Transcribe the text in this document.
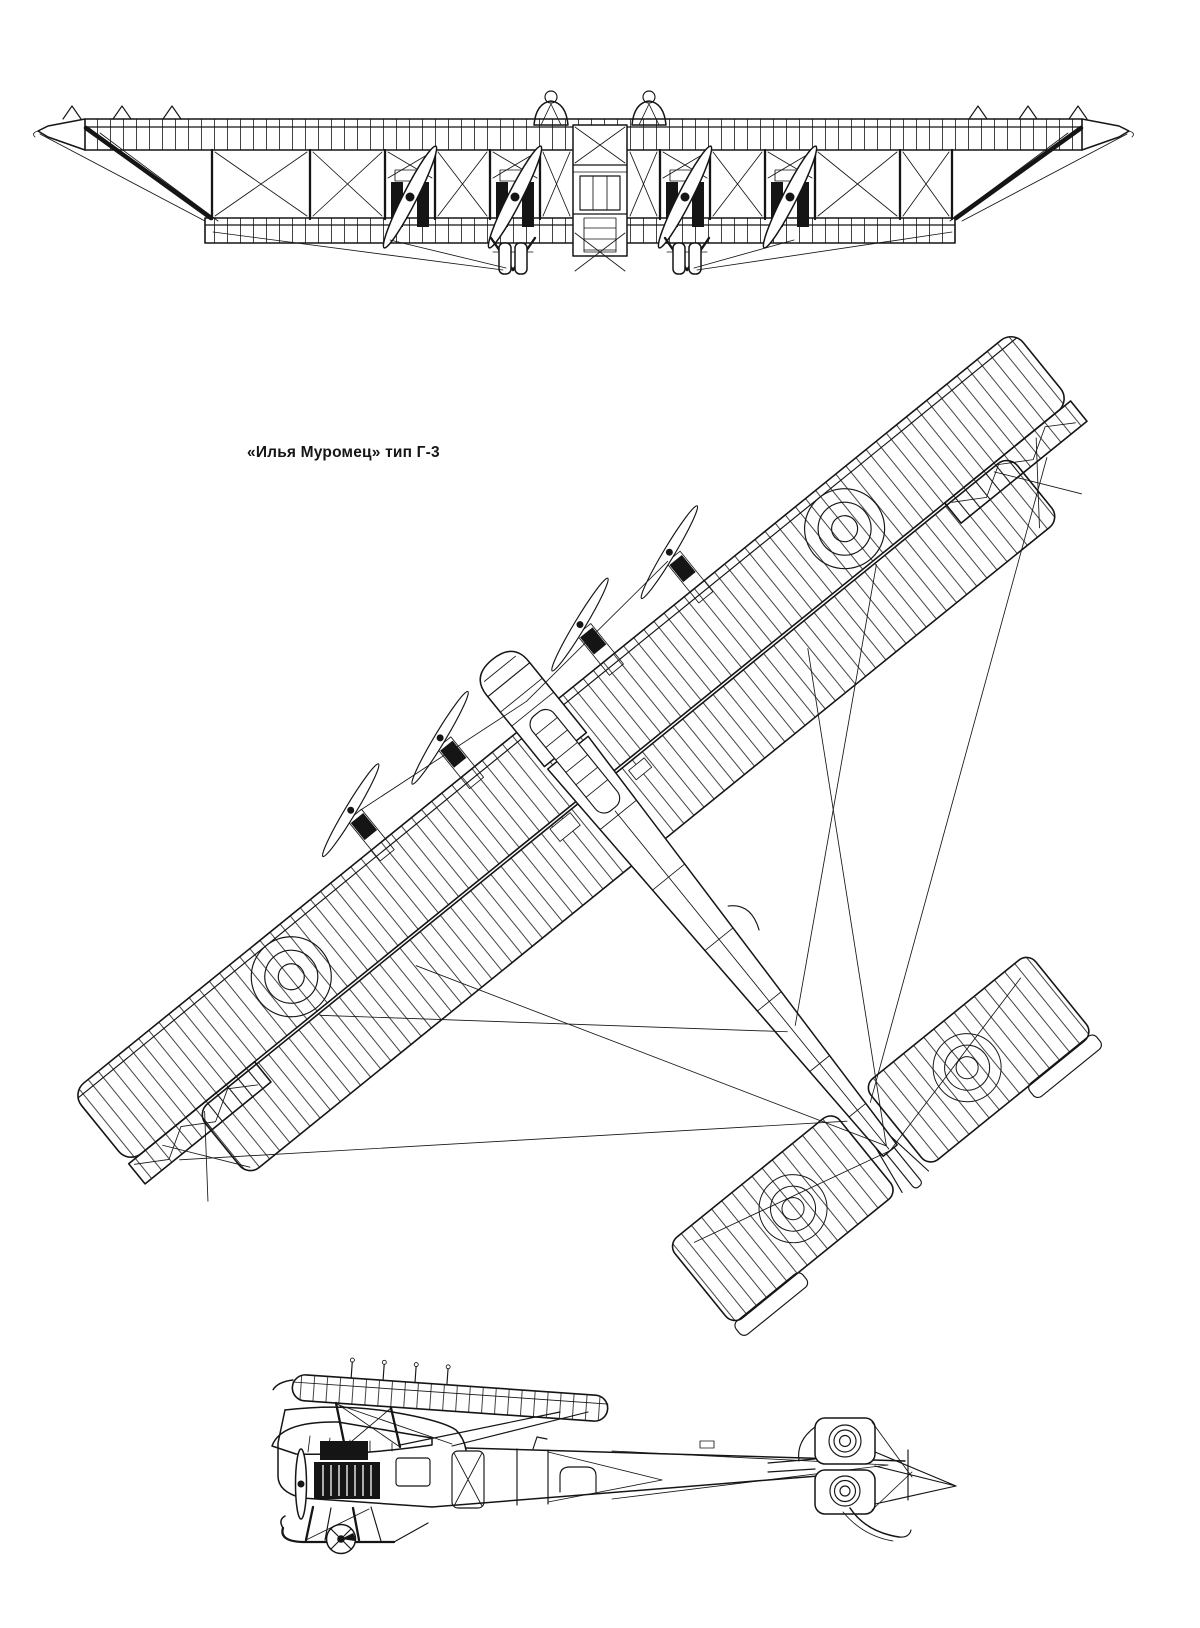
«Илья Муромец» тип Г-3
